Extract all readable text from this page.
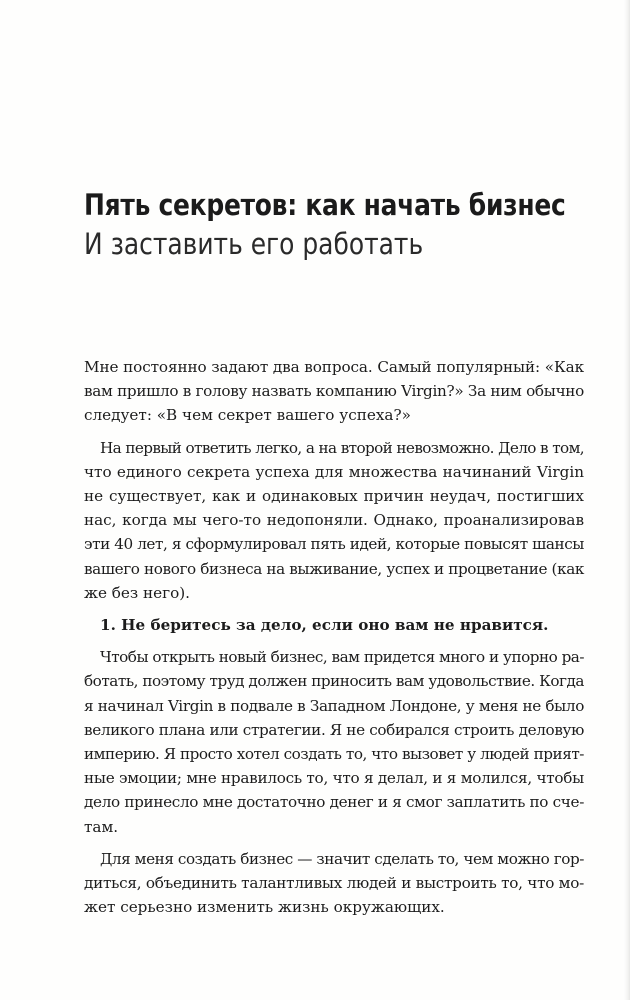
Пять секретов: как начать бизнес
И заставить его работать

Мне постоянно задают два вопроса. Самый популярный: «Как
вам пришло в голову назвать компанию Virgin?» За ним обычно
следует: «В чем секрет вашего успеха?»

На первый ответить легко, а на второй невозможно. Дело в том,
что единого секрета успеха для множества начинаний Virgin
не существует, как и одинаковых причин неудач, постигших
нас, когда мы чего-то недопоняли. Однако, проанализировав
эти 40 лет, я сформулировал пять идей, которые повысят шансы
вашего нового бизнеса на выживание, успех и процветание (как
же без него).

1. Не беритесь за дело, если оно вам не нравится.

Чтобы открыть новый бизнес, вам придется много и упорно ра-
ботать, поэтому труд должен приносить вам удовольствие. Когда
я начинал Virgin в подвале в Западном Лондоне, у меня не было
великого плана или стратегии. Я не собирался строить деловую
империю. Я просто хотел создать то, что вызовет у людей прият-
ные эмоции; мне нравилось то, что я делал, и я молился, чтобы
дело принесло мне достаточно денег и я смог заплатить по сче-
там.

Для меня создать бизнес — значит сделать то, чем можно гор-
диться, объединить талантливых людей и выстроить то, что мо-
жет серьезно изменить жизнь окружающих.
